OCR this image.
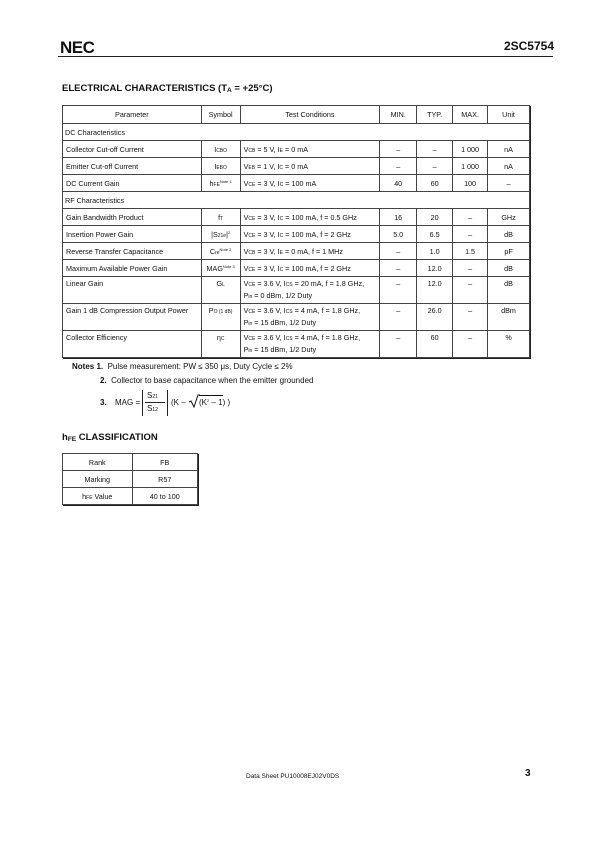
NEC	2SC5754
ELECTRICAL CHARACTERISTICS (TA = +25°C)
Parameter	Symbol	Test Conditions	MIN.	TYP.	MAX.	Unit
DC Characteristics						
Collector Cut-off Current	ICBO	VCB = 5 V, IE = 0 mA	–	–	1 000	nA
Emitter Cut-off Current	IEBO	VEB = 1 V, IC = 0 mA	–	–	1 000	nA
DC Current Gain	hFE$^{Note 1}$	VCE = 3 V, IC = 100 mA	40	60	100	–
RF Characteristics						
Gain Bandwidth Product	fT	VCE = 3 V, IC = 100 mA, f = 0.5 GHz	16	20	–	GHz
Insertion Power Gain	$|S21e|^2$	VCE = 3 V, IC = 100 mA, f = 2 GHz	5.0	6.5	–	dB
Reverse Transfer Capacitance	Cre$^{Note 2}$	VCB = 3 V, IE = 0 mA, f = 1 MHz	–	1.0	1.5	pF
Maximum Available Power Gain	$MAG^{Note 3}$	VCE = 3 V, IC = 100 mA, f = 2 GHz	–	12.0	–	dB
Linear Gain	GL	VCE = 3.6 V, ICS = 20 mA, f = 1.8 GHz,
Pin = 0 dBm, 1/2 Duty	–	12.0	–	dB
Gain 1 dB Compression Output Power	PO (1 dB)	VCE = 3.6 V, ICS = 4 mA, f = 1.8 GHz,
Pin = 15 dBm, 1/2 Duty	–	26.0	–	dBm
Collector Efficiency	ηC	VCE = 3.6 V, ICS = 4 mA, f = 1.8 GHz,
Pin = 15 dBm, 1/2 Duty	–	60	–	%
Notes 1. Pulse measurement: PW ≤ 350 μs, Duty Cycle ≤ 2%
2. Collector to base capacitance when the emitter grounded
3. MAG =
S21
S12
($K - (K^2 - 1)$ )
hFE CLASSIFICATION
Rank	FB
Marking	R57
hFE Value	40 to 100
Data Sheet PU10008EJ02V0DS	3
